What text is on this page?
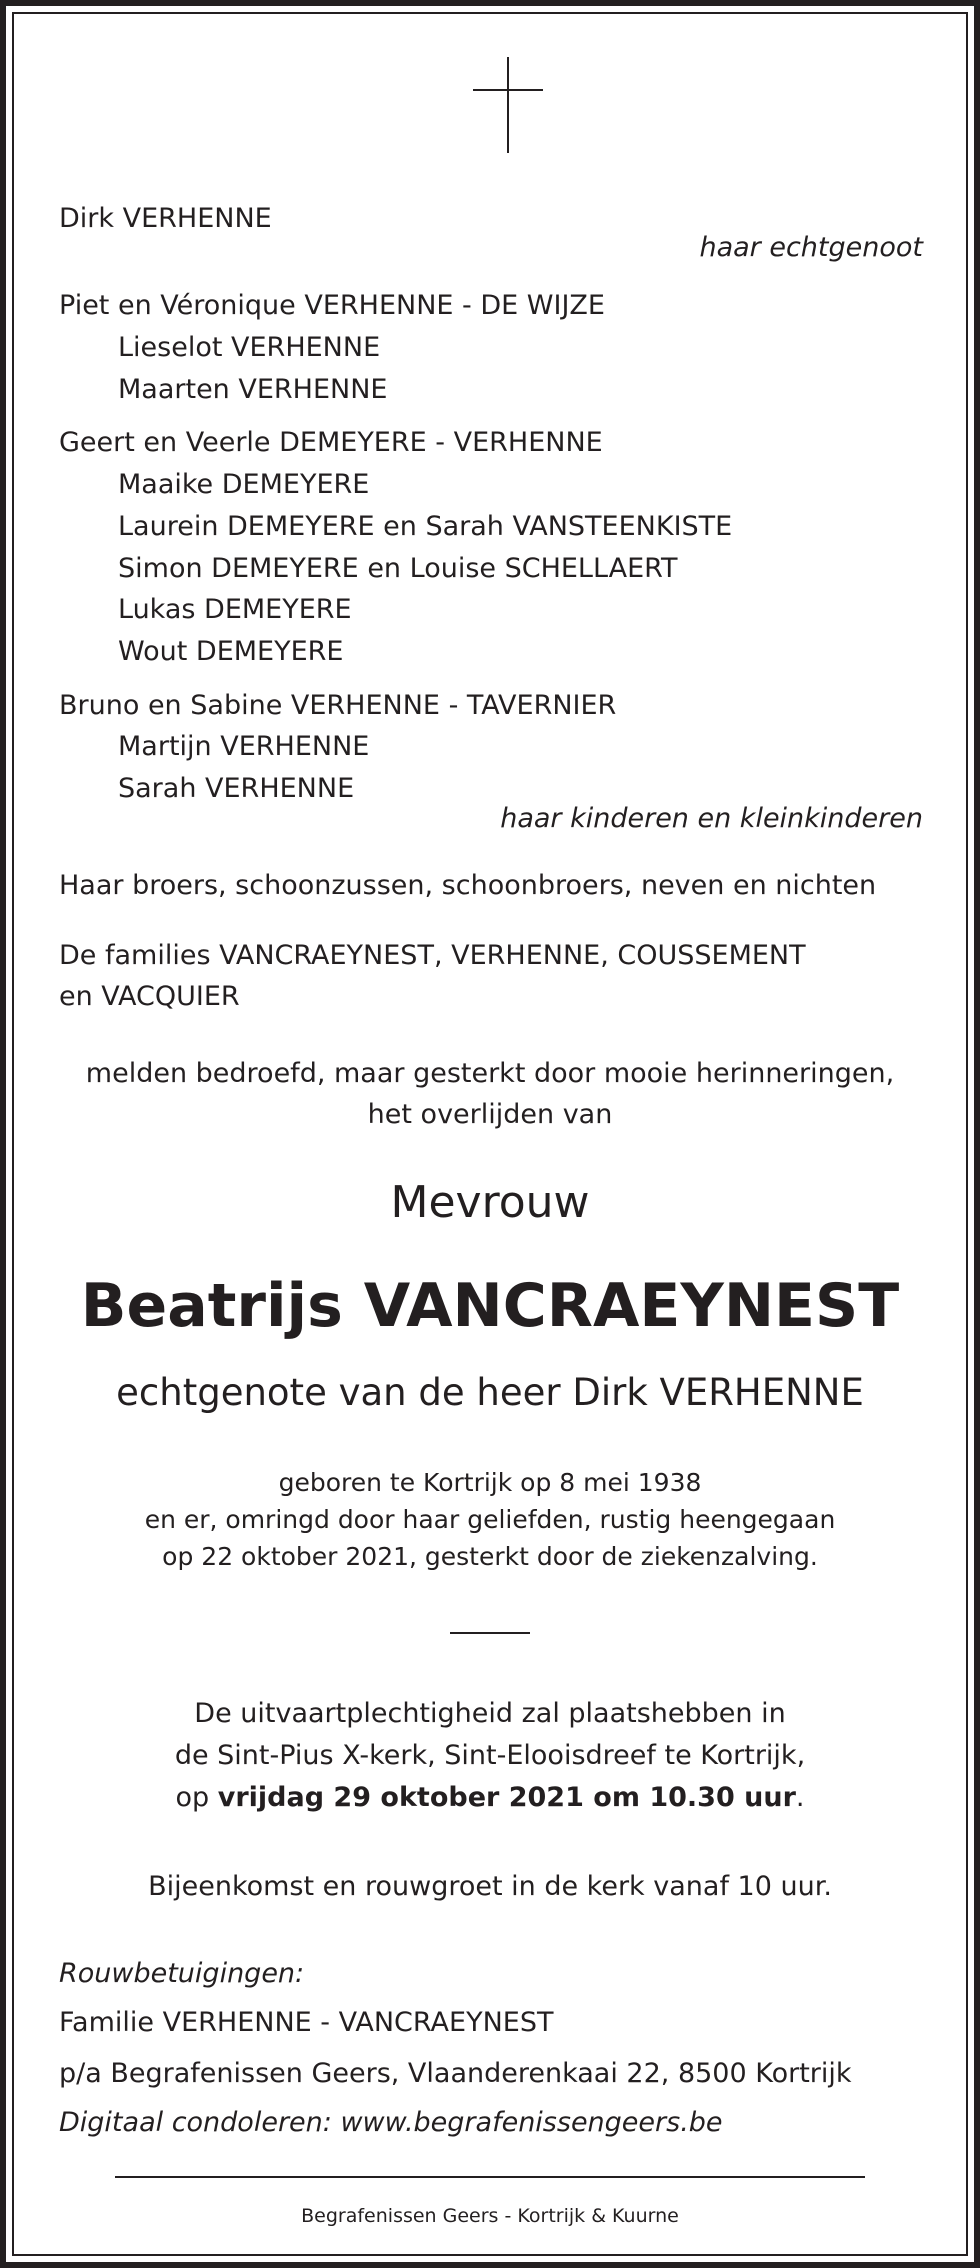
Dirk VERHENNE
haar echtgenoot
Piet en Véronique VERHENNE - DE WIJZE
Lieselot VERHENNE
Maarten VERHENNE
Geert en Veerle DEMEYERE - VERHENNE
Maaike DEMEYERE
Laurein DEMEYERE en Sarah VANSTEENKISTE
Simon DEMEYERE en Louise SCHELLAERT
Lukas DEMEYERE
Wout DEMEYERE
Bruno en Sabine VERHENNE - TAVERNIER
Martijn VERHENNE
Sarah VERHENNE
haar kinderen en kleinkinderen
Haar broers, schoonzussen, schoonbroers, neven en nichten
De families VANCRAEYNEST, VERHENNE, COUSSEMENT
en VACQUIER
melden bedroefd, maar gesterkt door mooie herinneringen,
het overlijden van
Mevrouw
Beatrijs VANCRAEYNEST
echtgenote van de heer Dirk VERHENNE
geboren te Kortrijk op 8 mei 1938
en er, omringd door haar geliefden, rustig heengegaan
op 22 oktober 2021, gesterkt door de ziekenzalving.
De uitvaartplechtigheid zal plaatshebben in
de Sint-Pius X-kerk, Sint-Elooisdreef te Kortrijk,
op vrijdag 29 oktober 2021 om 10.30 uur.
Bijeenkomst en rouwgroet in de kerk vanaf 10 uur.
Rouwbetuigingen:
Familie VERHENNE - VANCRAEYNEST
p/a Begrafenissen Geers, Vlaanderenkaai 22, 8500 Kortrijk
Digitaal condoleren: www.begrafenissengeers.be
Begrafenissen Geers - Kortrijk & Kuurne
